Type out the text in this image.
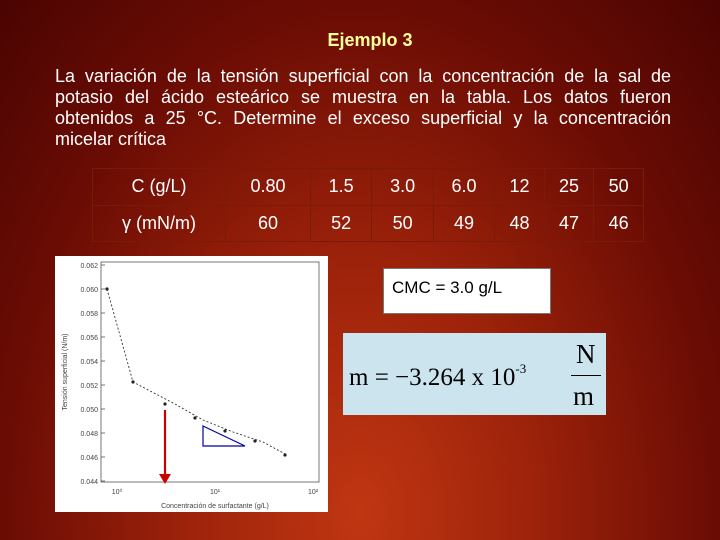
Ejemplo 3

La variación de la tensión superficial con la concentración de la sal de potasio del ácido esteárico se muestra en la tabla. Los datos fueron obtenidos a 25 °C. Determine el exceso superficial y la concentración micelar crítica

C (g/L)	0.80	1.5	3.0	6.0	12	25	50
γ (mN/m)	60	52	50	49	48	47	46
0.062
0.060
0.058
0.056
0.054
0.052
0.050
0.048
0.046
0.044
10⁰	10¹	10²
Concentración de surfactante (g/L)
Tensión superficial (N/m)
CMC = 3.0 g/L
m = −3.264 x $10^{-3}$ N
m
